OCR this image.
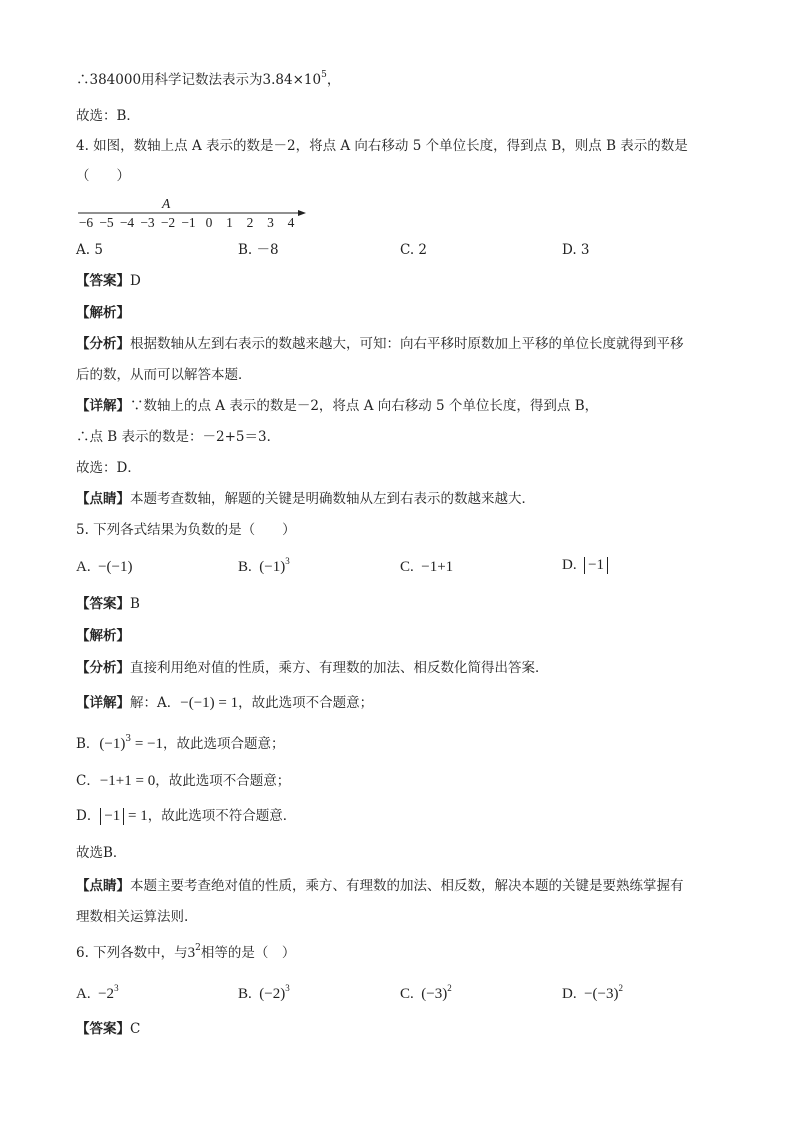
∴384000用科学记数法表示为$3.84\times 10^5$，
故选：B．
4. 如图，数轴上点 A 表示的数是－2，将点 A 向右移动 5 个单位长度，得到点 B，则点 B 表示的数是
（　　）
A
−6 −5 −4 −3 −2 −1 0 1 2 3 4
A. 5	B. －8	C. 2	D. 3
【答案】D
【解析】
【分析】根据数轴从左到右表示的数越来越大，可知：向右平移时原数加上平移的单位长度就得到平移
后的数，从而可以解答本题．
【详解】∵数轴上的点 A 表示的数是－2，将点 A 向右移动 5 个单位长度，得到点 B，
∴点 B 表示的数是：－2+5＝3．
故选：D．
【点睛】本题考查数轴，解题的关键是明确数轴从左到右表示的数越来越大．
5. 下列各式结果为负数的是（　　）
A. −(−1)	B. $(-1)^3$	C. −1+1	D. −1
【答案】B
【解析】
【分析】直接利用绝对值的性质，乘方、有理数的加法、相反数化简得出答案．
【详解】解：A．−(−1) = 1，故此选项不合题意；
B．$(-1)^3 = -1$，故此选项合题意；
C．−1+1 = 0，故此选项不合题意；
D． −1 = 1，故此选项不符合题意．
故选B．
【点睛】本题主要考查绝对值的性质，乘方、有理数的加法、相反数，解决本题的关键是要熟练掌握有
理数相关运算法则.
6. 下列各数中，与$3^2$相等的是（　）
A. $-2^3$	B. $(-2)^3$	C. $(-3)^2$	D. $-(-3)^2$
【答案】C
